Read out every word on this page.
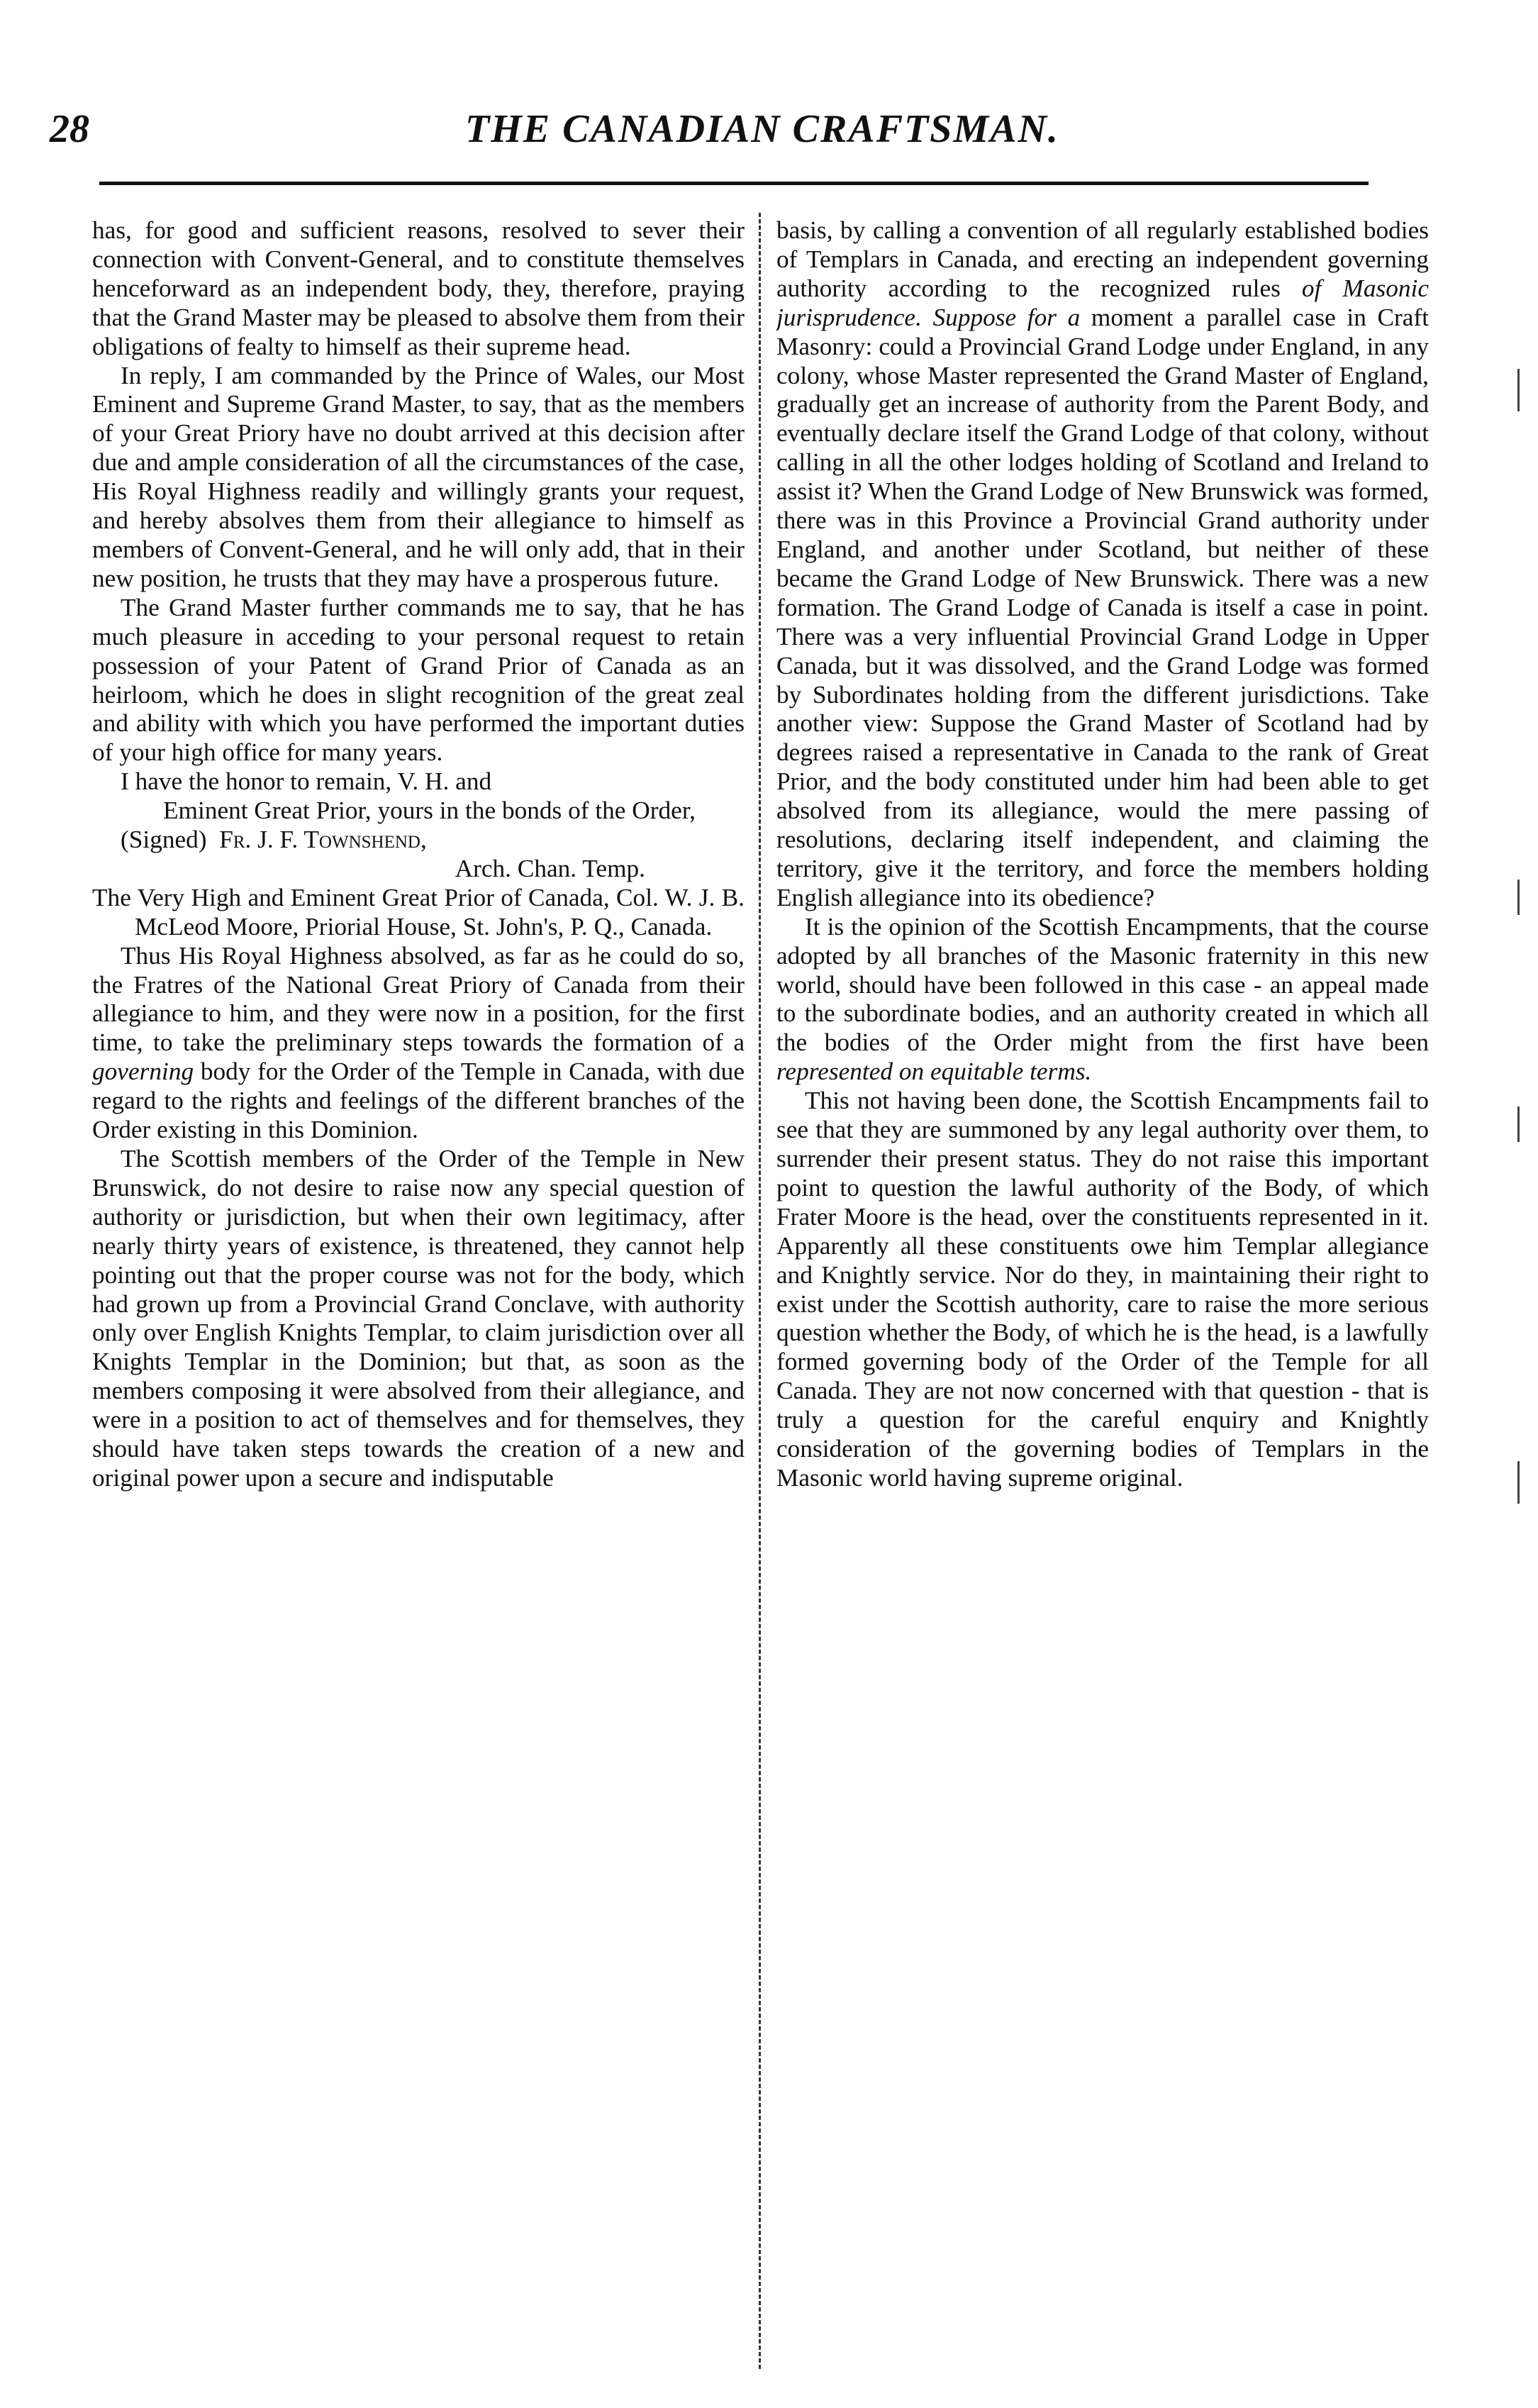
28	THE CANADIAN CRAFTSMAN.

has, for good and sufficient reasons, resolved to sever their connection with Convent-General, and to constitute themselves henceforward as an independent body, they, therefore, praying that the Grand Master may be pleased to absolve them from their obligations of fealty to himself as their supreme head.

In reply, I am commanded by the Prince of Wales, our Most Eminent and Supreme Grand Master, to say, that as the members of your Great Priory have no doubt arrived at this decision after due and ample consideration of all the circumstances of the case, His Royal Highness readily and willingly grants your request, and hereby absolves them from their allegiance to himself as members of Convent-General, and he will only add, that in their new position, he trusts that they may have a prosperous future.

The Grand Master further commands me to say, that he has much pleasure in acceding to your personal request to retain possession of your Patent of Grand Prior of Canada as an heirloom, which he does in slight recognition of the great zeal and ability with which you have performed the important duties of your high office for many years.

I have the honor to remain, V. H. and

Eminent Great Prior, yours in the bonds of the Order,

(Signed) Fr. J. F. Townshend,

Arch. Chan. Temp.

The Very High and Eminent Great Prior of Canada, Col. W. J. B. McLeod Moore, Priorial House, St. John's, P. Q., Canada.

Thus His Royal Highness absolved, as far as he could do so, the Fratres of the National Great Priory of Canada from their allegiance to him, and they were now in a position, for the first time, to take the preliminary steps towards the formation of a governing body for the Order of the Temple in Canada, with due regard to the rights and feelings of the different branches of the Order existing in this Dominion.

The Scottish members of the Order of the Temple in New Brunswick, do not desire to raise now any special question of authority or jurisdiction, but when their own legitimacy, after nearly thirty years of existence, is threatened, they cannot help pointing out that the proper course was not for the body, which had grown up from a Provincial Grand Conclave, with authority only over English Knights Templar, to claim jurisdiction over all Knights Templar in the Dominion; but that, as soon as the members composing it were absolved from their allegiance, and were in a position to act of themselves and for themselves, they should have taken steps towards the creation of a new and original power upon a secure and indisputable

basis, by calling a convention of all regularly established bodies of Templars in Canada, and erecting an independent governing authority according to the recognized rules of Masonic jurisprudence. Suppose for a moment a parallel case in Craft Masonry: could a Provincial Grand Lodge under England, in any colony, whose Master represented the Grand Master of England, gradually get an increase of authority from the Parent Body, and eventually declare itself the Grand Lodge of that colony, without calling in all the other lodges holding of Scotland and Ireland to assist it? When the Grand Lodge of New Brunswick was formed, there was in this Province a Provincial Grand authority under England, and another under Scotland, but neither of these became the Grand Lodge of New Brunswick. There was a new formation. The Grand Lodge of Canada is itself a case in point. There was a very influential Provincial Grand Lodge in Upper Canada, but it was dissolved, and the Grand Lodge was formed by Subordinates holding from the different jurisdictions. Take another view: Suppose the Grand Master of Scotland had by degrees raised a representative in Canada to the rank of Great Prior, and the body constituted under him had been able to get absolved from its allegiance, would the mere passing of resolutions, declaring itself independent, and claiming the territory, give it the territory, and force the members holding English allegiance into its obedience?

It is the opinion of the Scottish Encampments, that the course adopted by all branches of the Masonic fraternity in this new world, should have been followed in this case - an appeal made to the subordinate bodies, and an authority created in which all the bodies of the Order might from the first have been represented on equitable terms.

This not having been done, the Scottish Encampments fail to see that they are summoned by any legal authority over them, to surrender their present status. They do not raise this important point to question the lawful authority of the Body, of which Frater Moore is the head, over the constituents represented in it. Apparently all these constituents owe him Templar allegiance and Knightly service. Nor do they, in maintaining their right to exist under the Scottish authority, care to raise the more serious question whether the Body, of which he is the head, is a lawfully formed governing body of the Order of the Temple for all Canada. They are not now concerned with that question - that is truly a question for the careful enquiry and Knightly consideration of the governing bodies of Templars in the Masonic world having supreme original.
